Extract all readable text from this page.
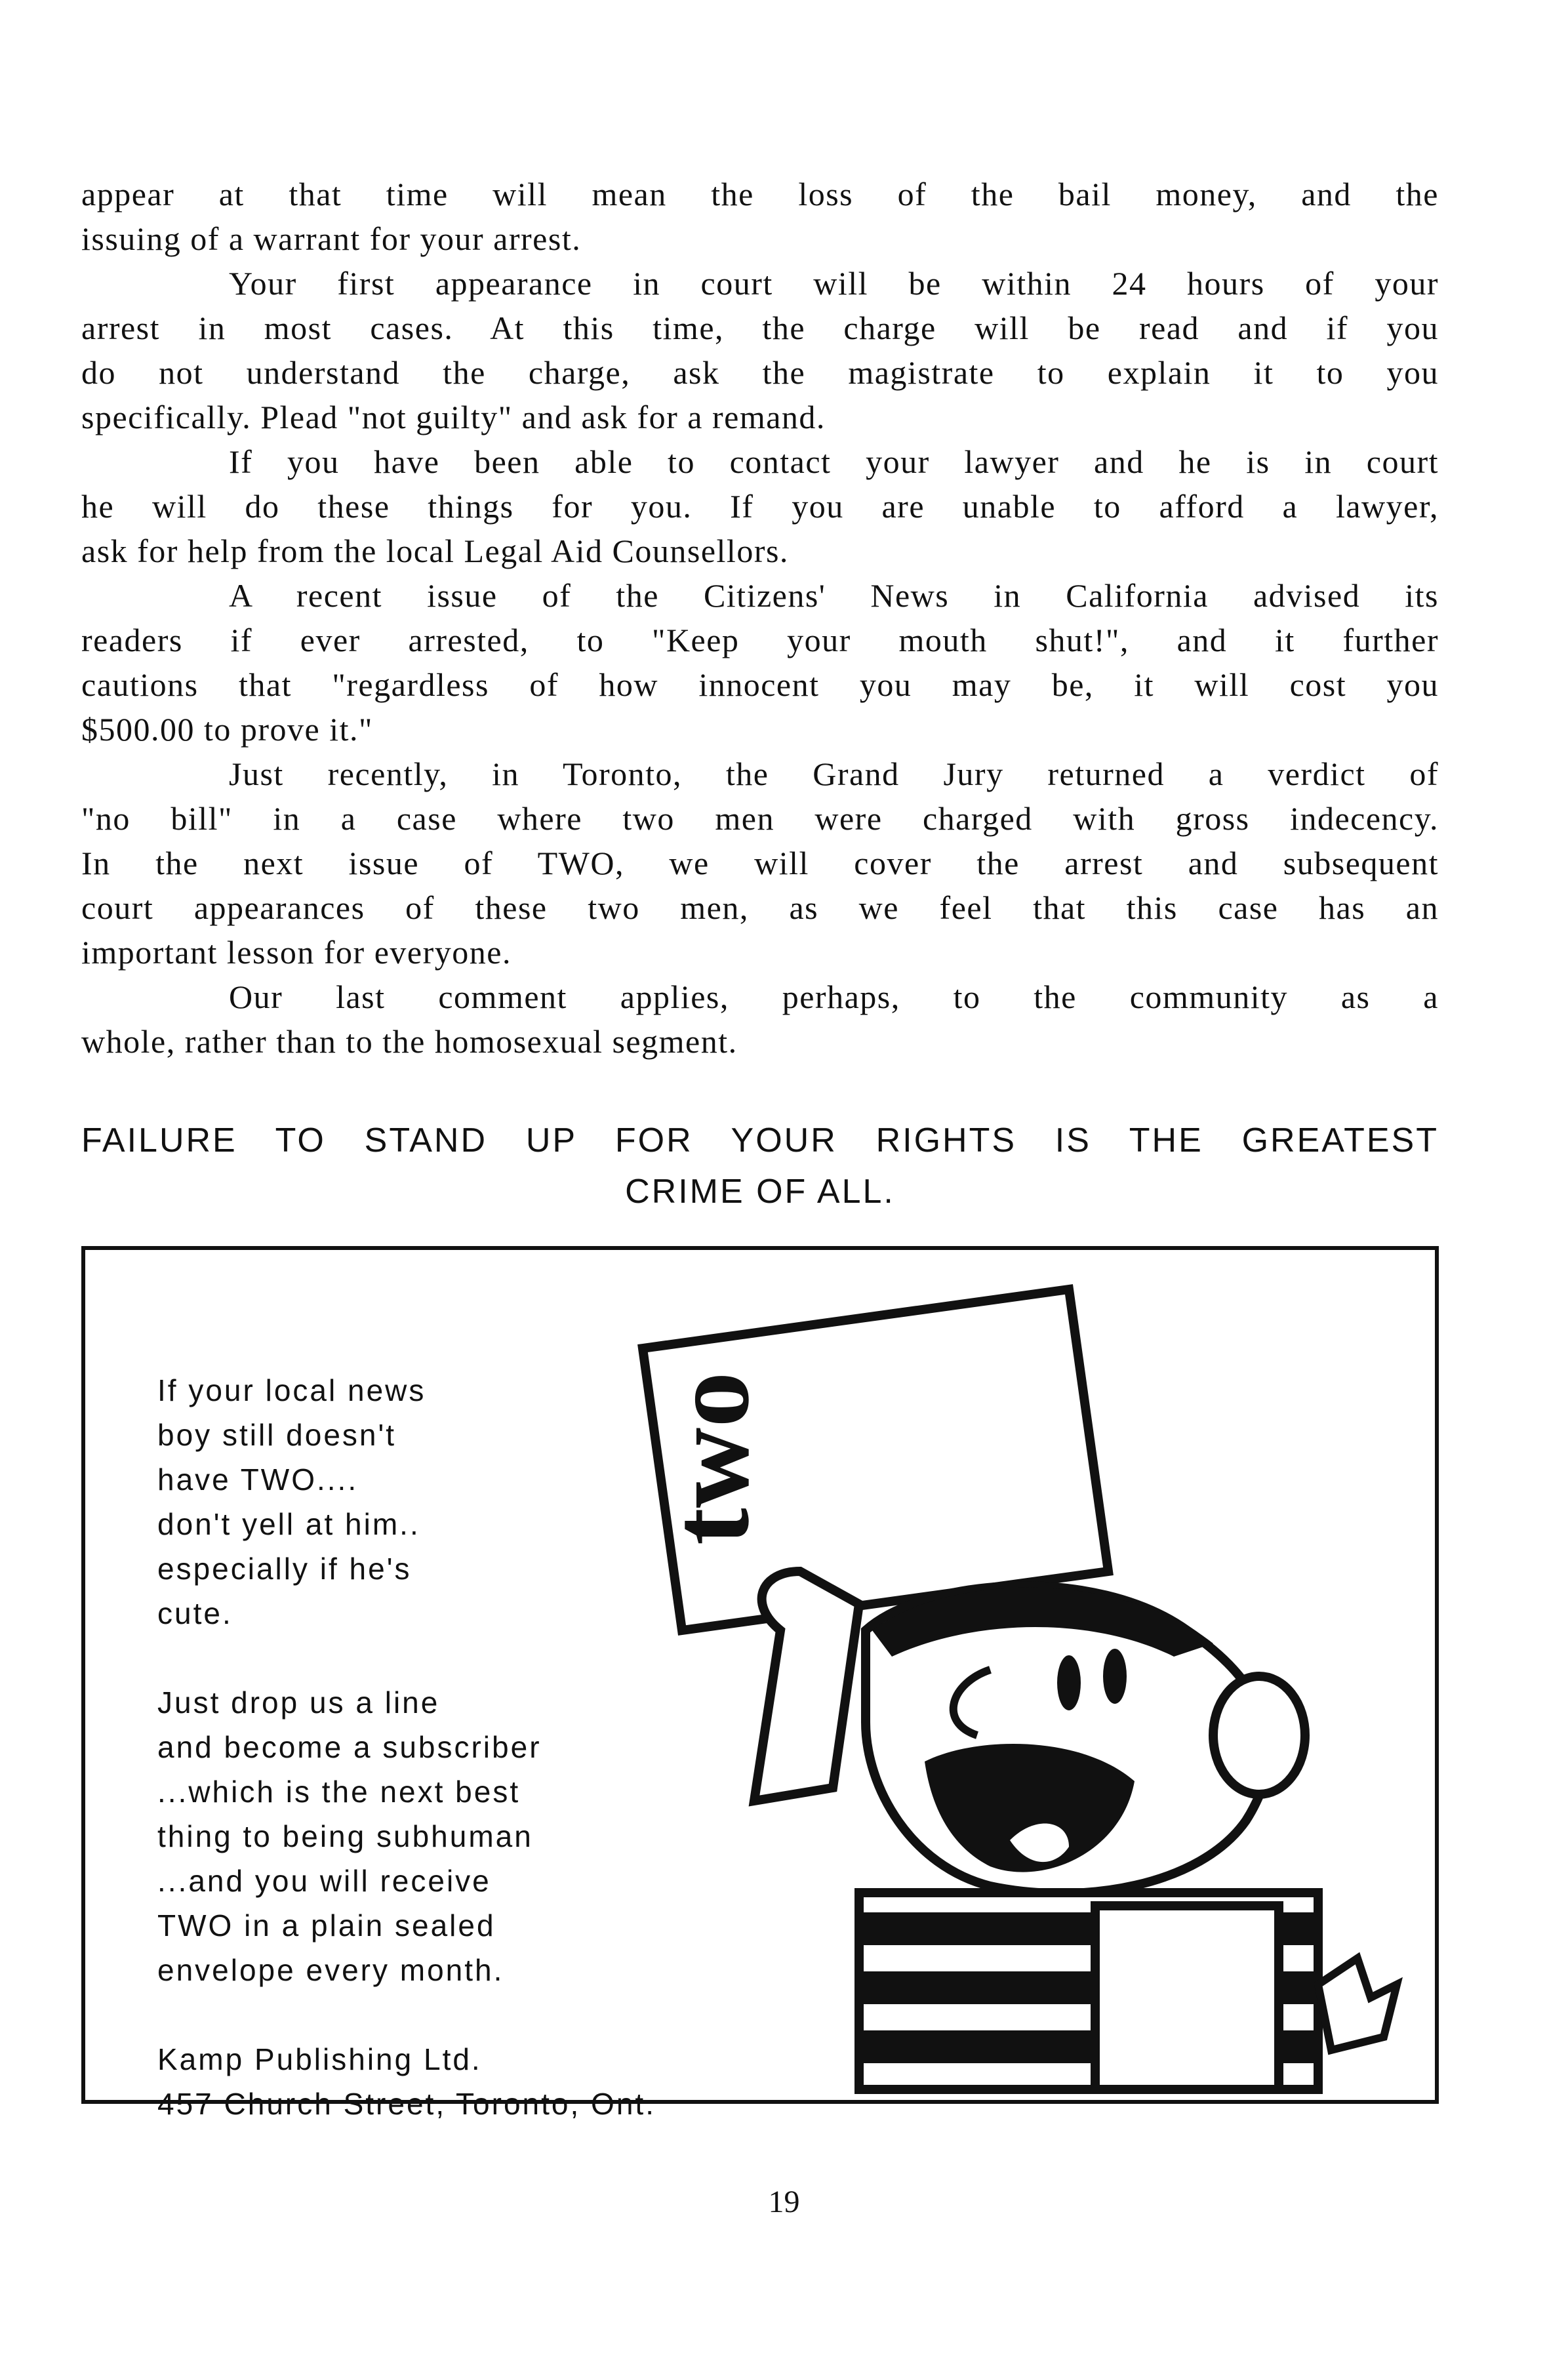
appear at that time will mean the loss of the bail money, and the
issuing of a warrant for your arrest.

Your first appearance in court will be within 24 hours of your
arrest in most cases. At this time, the charge will be read and if you
do not understand the charge, ask the magistrate to explain it to you
specifically. Plead "not guilty" and ask for a remand.

If you have been able to contact your lawyer and he is in court
he will do these things for you. If you are unable to afford a lawyer,
ask for help from the local Legal Aid Counsellors.

A recent issue of the Citizens' News in California advised its
readers if ever arrested, to "Keep your mouth shut!", and it further
cautions that "regardless of how innocent you may be, it will cost you
$500.00 to prove it."

Just recently, in Toronto, the Grand Jury returned a verdict of
"no bill" in a case where two men were charged with gross indecency.
In the next issue of TWO, we will cover the arrest and subsequent
court appearances of these two men, as we feel that this case has an
important lesson for everyone.

Our last comment applies, perhaps, to the community as a
whole, rather than to the homosexual segment.

FAILURE TO STAND UP FOR YOUR RIGHTS IS THE GREATEST
CRIME OF ALL.
If your local news
boy still doesn't
have TWO....
don't yell at him..
especially if he's
cute.
Just drop us a line
and become a subscriber
...which is the next best
thing to being subhuman
...and you will receive
TWO in a plain sealed
envelope every month.
Kamp Publishing Ltd.
457 Church Street, Toronto, Ont.
two
19
